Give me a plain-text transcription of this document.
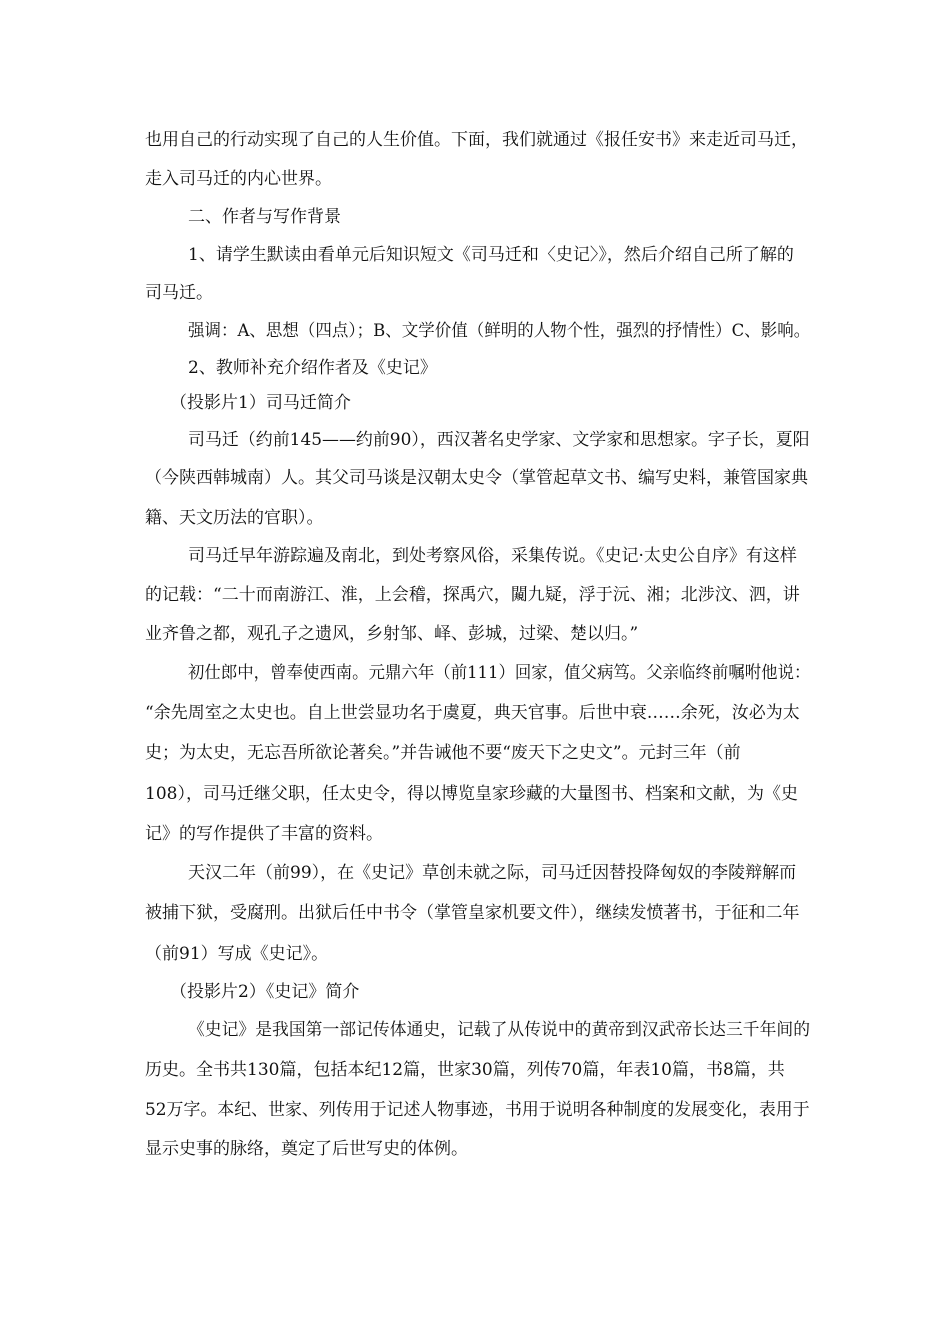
也用自己的行动实现了自己的人生价值。下面，我们就通过《报任安书》来走近司马迁，
走入司马迁的内心世界。
二、作者与写作背景
1、请学生默读由看单元后知识短文《司马迁和〈史记〉》，然后介绍自己所了解的
司马迁。
强调：A、思想（四点）；B、文学价值（鲜明的人物个性，强烈的抒情性）C、影响。
2、教师补充介绍作者及《史记》
（投影片1）司马迁简介
司马迁（约前145——约前90），西汉著名史学家、文学家和思想家。字子长，夏阳
（今陕西韩城南）人。其父司马谈是汉朝太史令（掌管起草文书、编写史料，兼管国家典
籍、天文历法的官职）。
司马迁早年游踪遍及南北，到处考察风俗，采集传说。《史记·太史公自序》有这样
的记载：“二十而南游江、淮，上会稽，探禹穴，闚九疑，浮于沅、湘；北涉汶、泗，讲
业齐鲁之都，观孔子之遗风，乡射邹、峄、彭城，过梁、楚以归。”
初仕郎中，曾奉使西南。元鼎六年（前111）回家，值父病笃。父亲临终前嘱咐他说：
“余先周室之太史也。自上世尝显功名于虞夏，典天官事。后世中衰……余死，汝必为太
史；为太史，无忘吾所欲论著矣。”并告诫他不要“废天下之史文”。元封三年（前
108），司马迁继父职，任太史令，得以博览皇家珍藏的大量图书、档案和文献，为《史
记》的写作提供了丰富的资料。
天汉二年（前99），在《史记》草创未就之际，司马迁因替投降匈奴的李陵辩解而
被捕下狱，受腐刑。出狱后任中书令（掌管皇家机要文件），继续发愤著书，于征和二年
（前91）写成《史记》。
（投影片2）《史记》简介
《史记》是我国第一部记传体通史，记载了从传说中的黄帝到汉武帝长达三千年间的
历史。全书共130篇，包括本纪12篇，世家30篇，列传70篇，年表10篇，书8篇，共
52万字。本纪、世家、列传用于记述人物事迹，书用于说明各种制度的发展变化，表用于
显示史事的脉络，奠定了后世写史的体例。
